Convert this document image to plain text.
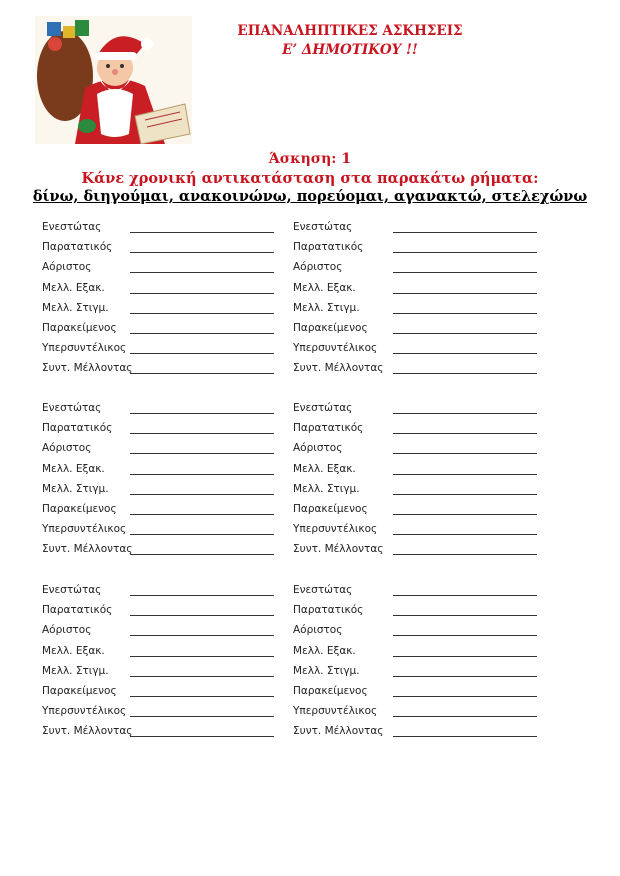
ΕΠΑΝΑΛΗΠΤΙΚΕΣ ΑΣΚΗΣΕΙΣ
Ε’ ΔΗΜΟΤΙΚΟΥ !!
Άσκηση: 1
Κάνε χρονική αντικατάσταση στα παρακάτω ρήματα:
δίνω, διηγούμαι, ανακοινώνω, πορεύομαι, αγανακτώ, στελεχώνω
Ενεστώτας
Παρατατικός
Αόριστος
Μελλ. Εξακ.
Μελλ. Στιγμ.
Παρακείμενος
Υπερσυντέλικος
Συντ. Μέλλοντας
Ενεστώτας
Παρατατικός
Αόριστος
Μελλ. Εξακ.
Μελλ. Στιγμ.
Παρακείμενος
Υπερσυντέλικος
Συντ. Μέλλοντας
Ενεστώτας
Παρατατικός
Αόριστος
Μελλ. Εξακ.
Μελλ. Στιγμ.
Παρακείμενος
Υπερσυντέλικος
Συντ. Μέλλοντας
Ενεστώτας
Παρατατικός
Αόριστος
Μελλ. Εξακ.
Μελλ. Στιγμ.
Παρακείμενος
Υπερσυντέλικος
Συντ. Μέλλοντας
Ενεστώτας
Παρατατικός
Αόριστος
Μελλ. Εξακ.
Μελλ. Στιγμ.
Παρακείμενος
Υπερσυντέλικος
Συντ. Μέλλοντας
Ενεστώτας
Παρατατικός
Αόριστος
Μελλ. Εξακ.
Μελλ. Στιγμ.
Παρακείμενος
Υπερσυντέλικος
Συντ. Μέλλοντας
